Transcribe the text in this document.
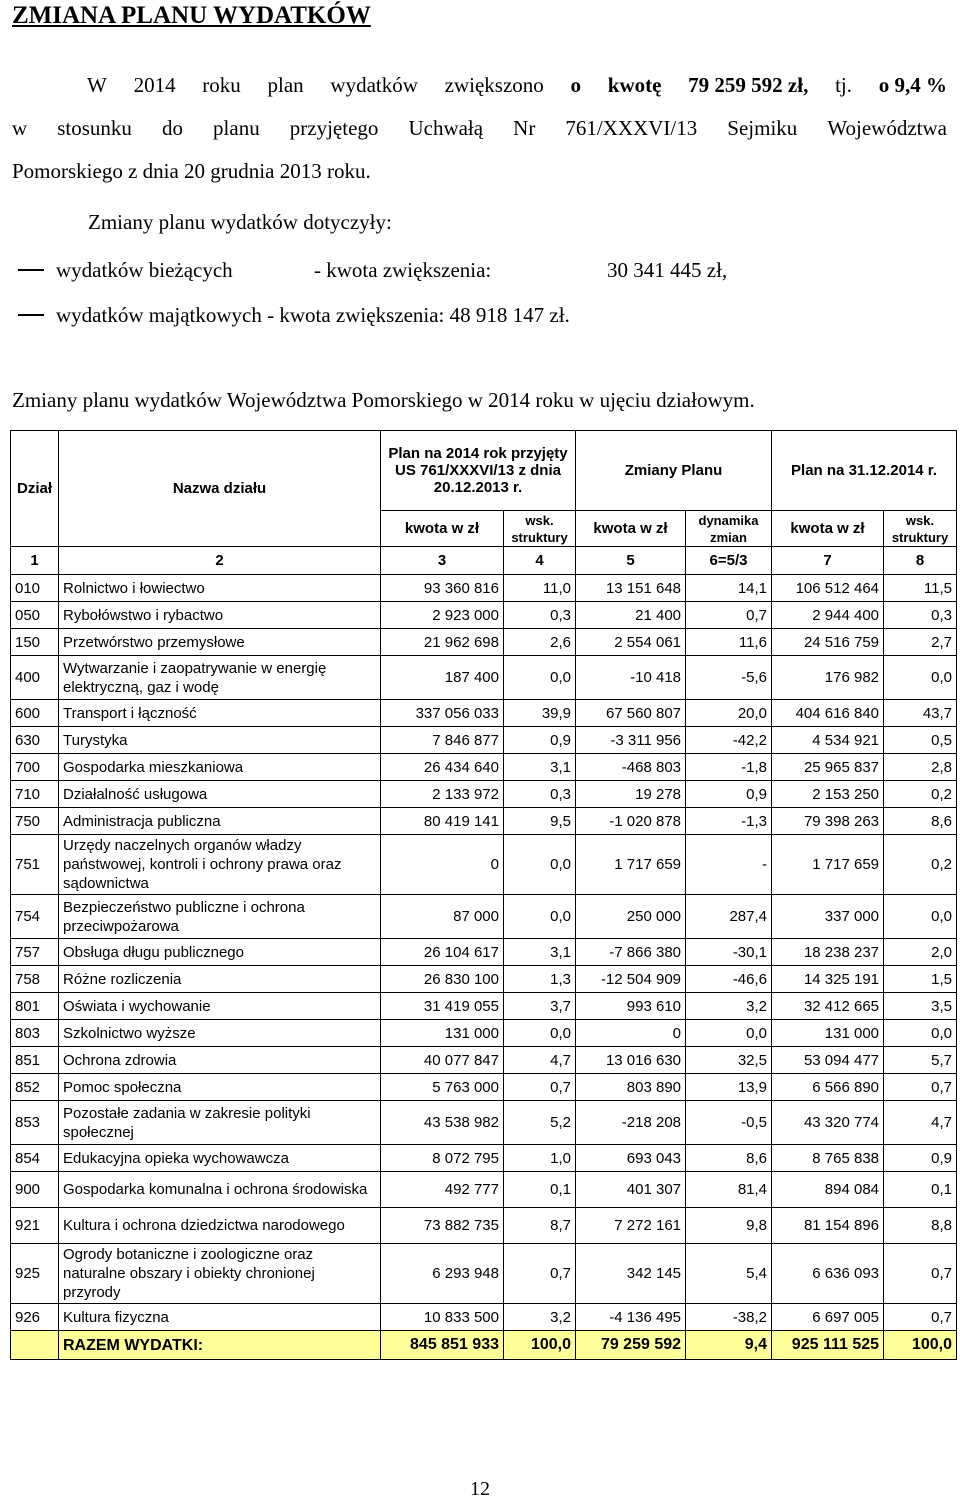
ZMIANA PLANU WYDATKÓW
W 2014 roku plan wydatków zwiększono o kwotę 79 259 592 zł, tj. o 9,4 %
w stosunku do planu przyjętego Uchwałą Nr 761/XXXVI/13 Sejmiku Województwa
Pomorskiego z dnia 20 grudnia 2013 roku.
Zmiany planu wydatków dotyczyły:
wydatków bieżących	- kwota zwiększenia:	30 341 445 zł,
wydatków majątkowych - kwota zwiększenia: 48 918 147 zł.
Zmiany planu wydatków Województwa Pomorskiego w 2014 roku w ujęciu działowym.
Dział	Nazwa działu	Plan na 2014 rok przyjęty US 761/XXXVI/13 z dnia 20.12.2013 r.		Zmiany Planu		Plan na 31.12.2014 r.	
		kwota w zł	wsk. struktury	kwota w zł	dynamika zmian	kwota w zł	wsk. struktury
1	2	3	4	5	6=5/3	7	8
010	Rolnictwo i łowiectwo	93 360 816	11,0	13 151 648	14,1	106 512 464	11,5
050	Rybołówstwo i rybactwo	2 923 000	0,3	21 400	0,7	2 944 400	0,3
150	Przetwórstwo przemysłowe	21 962 698	2,6	2 554 061	11,6	24 516 759	2,7
400	Wytwarzanie i zaopatrywanie w energię elektryczną, gaz i wodę	187 400	0,0	-10 418	-5,6	176 982	0,0
600	Transport i łączność	337 056 033	39,9	67 560 807	20,0	404 616 840	43,7
630	Turystyka	7 846 877	0,9	-3 311 956	-42,2	4 534 921	0,5
700	Gospodarka mieszkaniowa	26 434 640	3,1	-468 803	-1,8	25 965 837	2,8
710	Działalność usługowa	2 133 972	0,3	19 278	0,9	2 153 250	0,2
750	Administracja publiczna	80 419 141	9,5	-1 020 878	-1,3	79 398 263	8,6
751	Urzędy naczelnych organów władzy państwowej, kontroli i ochrony prawa oraz sądownictwa	0	0,0	1 717 659	-	1 717 659	0,2
754	Bezpieczeństwo publiczne i ochrona przeciwpożarowa	87 000	0,0	250 000	287,4	337 000	0,0
757	Obsługa długu publicznego	26 104 617	3,1	-7 866 380	-30,1	18 238 237	2,0
758	Różne rozliczenia	26 830 100	1,3	-12 504 909	-46,6	14 325 191	1,5
801	Oświata i wychowanie	31 419 055	3,7	993 610	3,2	32 412 665	3,5
803	Szkolnictwo wyższe	131 000	0,0	0	0,0	131 000	0,0
851	Ochrona zdrowia	40 077 847	4,7	13 016 630	32,5	53 094 477	5,7
852	Pomoc społeczna	5 763 000	0,7	803 890	13,9	6 566 890	0,7
853	Pozostałe zadania w zakresie polityki społecznej	43 538 982	5,2	-218 208	-0,5	43 320 774	4,7
854	Edukacyjna opieka wychowawcza	8 072 795	1,0	693 043	8,6	8 765 838	0,9
900	Gospodarka komunalna i ochrona środowiska	492 777	0,1	401 307	81,4	894 084	0,1
921	Kultura i ochrona dziedzictwa narodowego	73 882 735	8,7	7 272 161	9,8	81 154 896	8,8
925	Ogrody botaniczne i zoologiczne oraz naturalne obszary i obiekty chronionej przyrody	6 293 948	0,7	342 145	5,4	6 636 093	0,7
926	Kultura fizyczna	10 833 500	3,2	-4 136 495	-38,2	6 697 005	0,7
	RAZEM WYDATKI:	845 851 933	100,0	79 259 592	9,4	925 111 525	100,0
12
